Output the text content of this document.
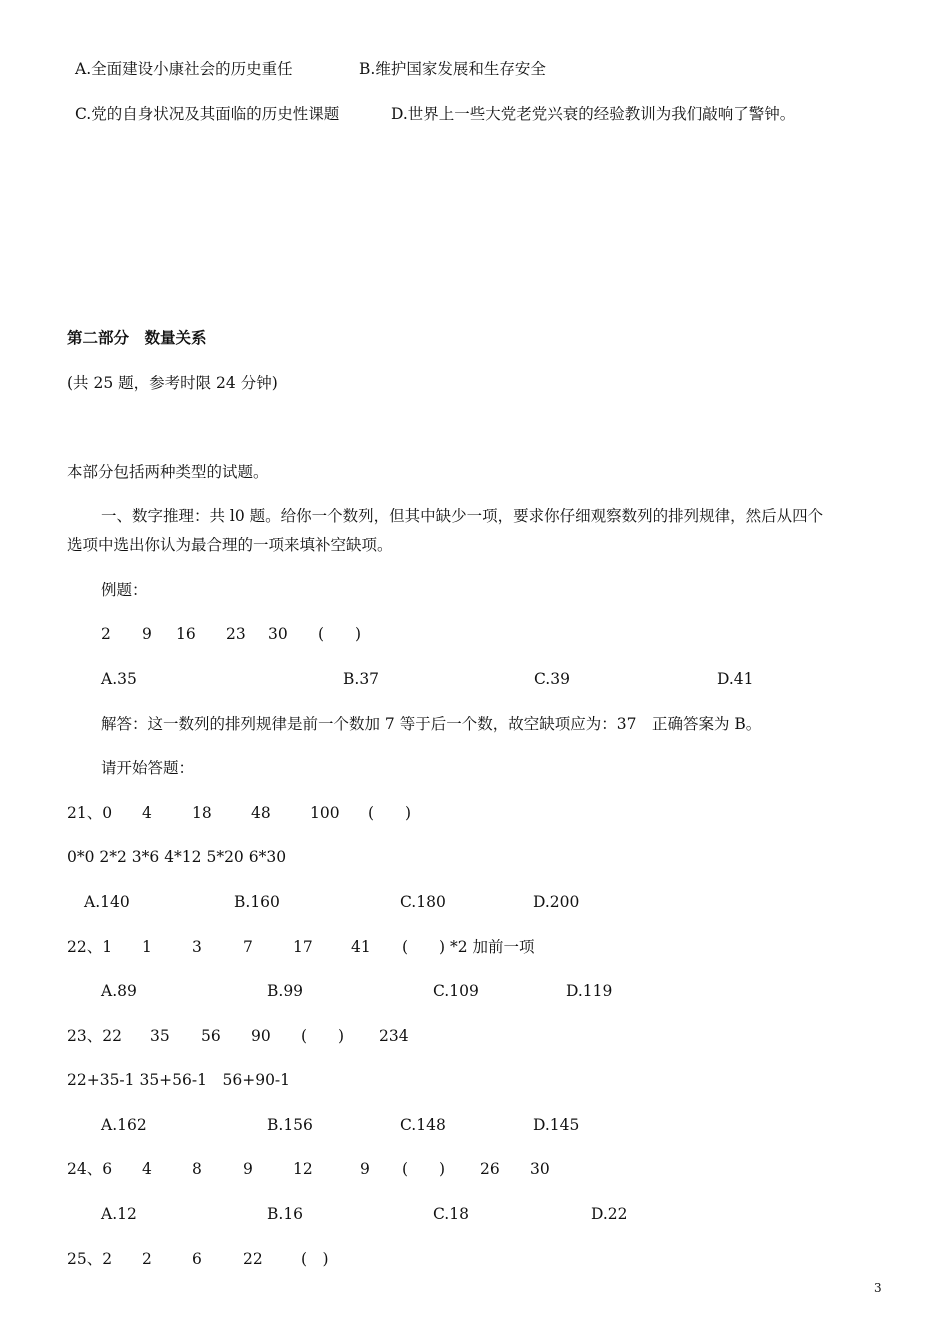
A.全面建设小康社会的历史重任	B.维护国家发展和生存安全
C.党的自身状况及其面临的历史性课题	D.世界上一些大党老党兴衰的经验教训为我们敲响了警钟。
第二部分　数量关系
(共 25 题，参考时限 24 分钟)
本部分包括两种类型的试题。
一、数字推理：共 l0 题。给你一个数列，但其中缺少一项，要求你仔细观察数列的排列规律，然后从四个
选项中选出你认为最合理的一项来填补空缺项。
例题：
2 9 16 23 30 (　　)
A.35	B.37	C.39	D.41
解答：这一数列的排列规律是前一个数加 7 等于后一个数，故空缺项应为：37　正确答案为 B。
请开始答题：
21、0 4	18	48	100 (　　)
0*0 2*2 3*6 4*12 5*20 6*30
A.140	B.160	C.180	D.200
22、1 1	3	7	17 41 (　　) *2 加前一项
A.89	B.99	C.109	D.119
23、22 35 56 90 (　　) 234
22+35-1 35+56-1　56+90-1
A.162	B.156	C.148	D.145
24、6 4	8	9	12	9 (　　) 26 30
A.12	B.16	C.18	D.22
25、2 2	6	22 (　)
3
